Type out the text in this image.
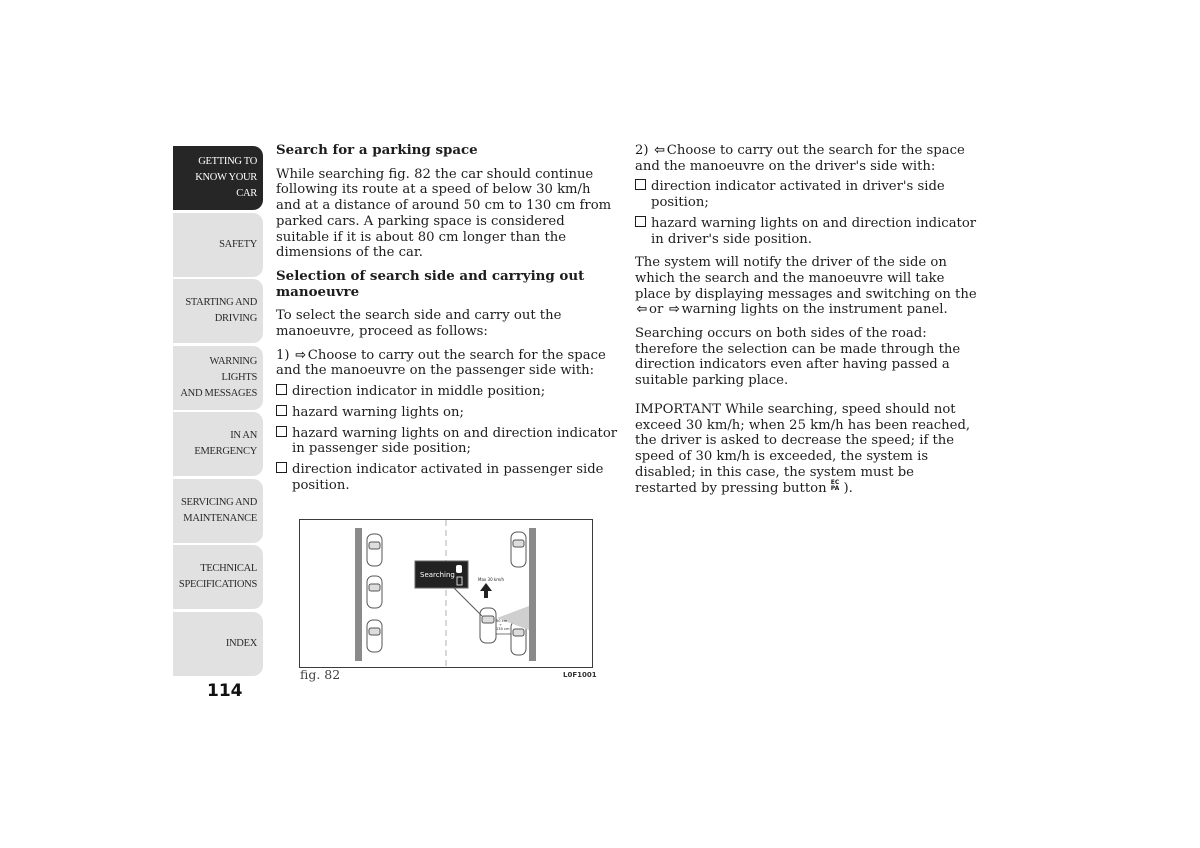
GETTING TO
KNOW YOUR CAR
SAFETY
STARTING AND
DRIVING
WARNING LIGHTS
AND MESSAGES
IN AN EMERGENCY
SERVICING AND
MAINTENANCE
TECHNICAL
SPECIFICATIONS
INDEX
114
Search for a parking space

While searching fig. 82 the car should continue following its route at a speed of below 30 km/h and at a distance of around 50 cm to 130 cm from parked cars. A parking space is considered suitable if it is about 80 cm longer than the dimensions of the car.

Selection of search side and carrying out manoeuvre

To select the search side and carry out the manoeuvre, proceed as follows:

1) ⇨ Choose to carry out the search for the space and the manoeuvre on the passenger side with:

direction indicator in middle position;
hazard warning lights on;
hazard warning lights on and direction indicator in passenger side position;
direction indicator activated in passenger side position.
Searching
Max 30 km/h
50 cm
÷
130 cm
fig. 82	L0F1001

2) ⇦ Choose to carry out the search for the space and the manoeuvre on the driver's side with:

direction indicator activated in driver's side position;
hazard warning lights on and direction indicator in driver's side position.

The system will notify the driver of the side on which the search and the manoeuvre will take place by displaying messages and switching on the ⇦ or ⇨ warning lights on the instrument panel.

Searching occurs on both sides of the road: therefore the selection can be made through the direction indicators even after having passed a suitable parking place.

IMPORTANT While searching, speed should not exceed 30 km/h; when 25 km/h has been reached, the driver is asked to decrease the speed; if the speed of 30 km/h is exceeded, the system is disabled; in this case, the system must be restarted by pressing button EC
PA ).
